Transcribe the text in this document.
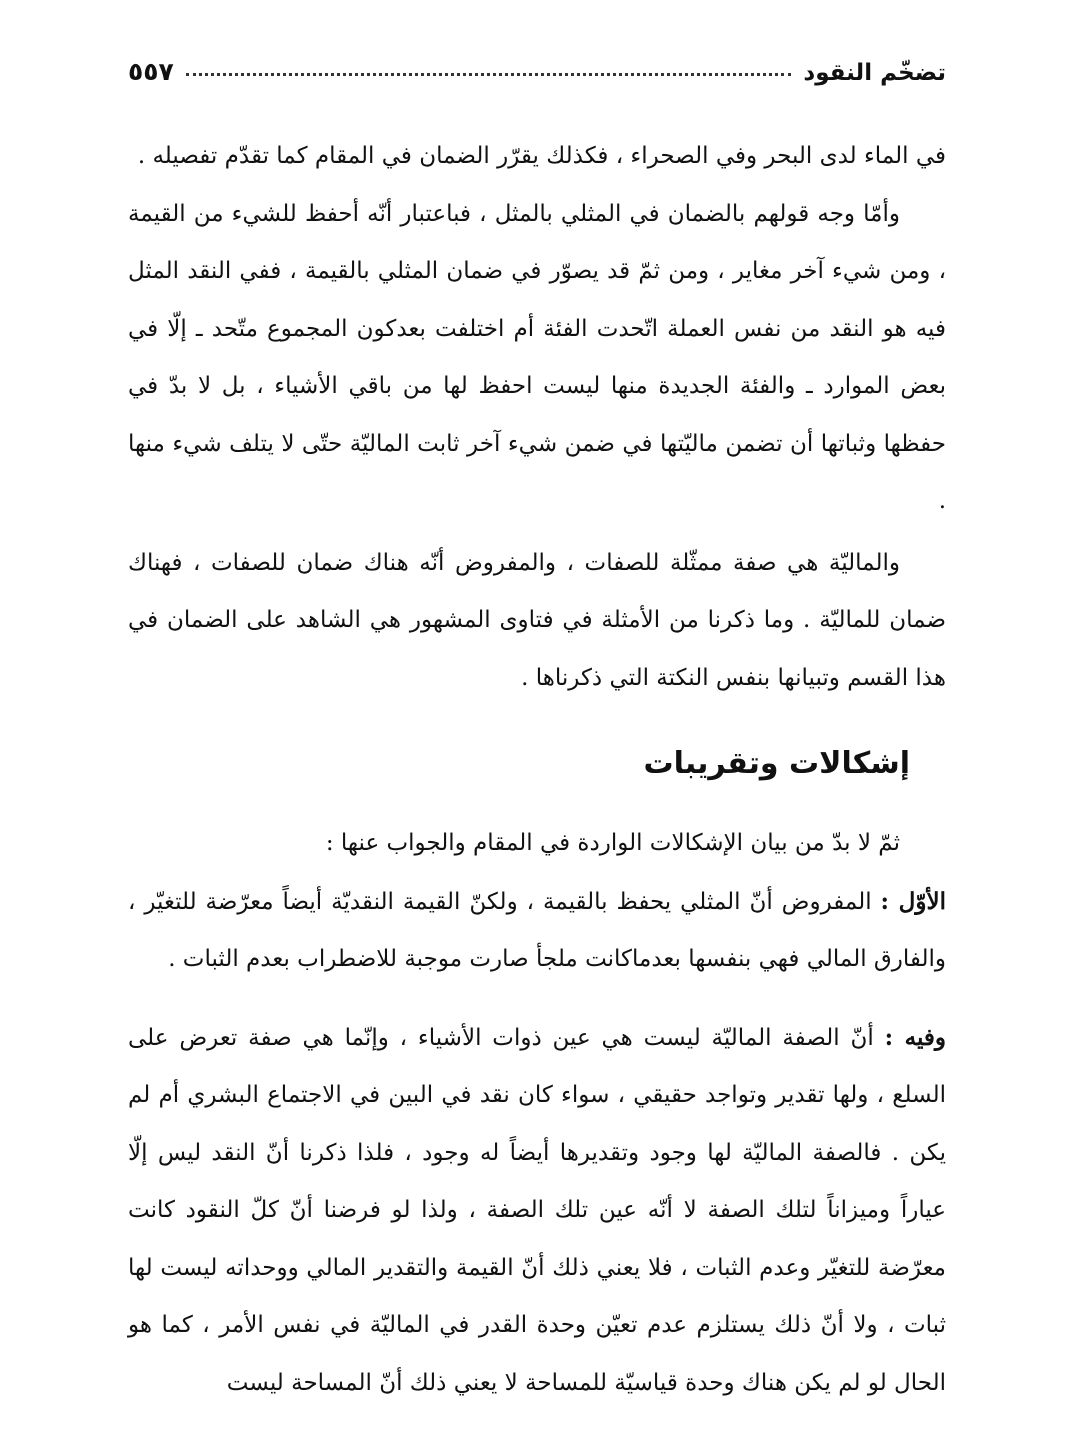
تضخّم النقود
٥٥٧

في الماء لدى البحر وفي الصحراء ، فكذلك يقرّر الضمان في المقام كما تقدّم تفصيله .

وأمّا وجه قولهم بالضمان في المثلي بالمثل ، فباعتبار أنّه أحفظ للشيء من القيمة ، ومن شيء آخر مغاير ، ومن ثمّ قد يصوّر في ضمان المثلي بالقيمة ، ففي النقد المثل فيه هو النقد من نفس العملة اتّحدت الفئة أم اختلفت بعدكون المجموع متّحد ـ إلّا في بعض الموارد ـ والفئة الجديدة منها ليست احفظ لها من باقي الأشياء ، بل لا بدّ في حفظها وثباتها أن تضمن ماليّتها في ضمن شيء آخر ثابت الماليّة حتّى لا يتلف شيء منها .

والماليّة هي صفة ممثّلة للصفات ، والمفروض أنّه هناك ضمان للصفات ، فهناك ضمان للماليّة . وما ذكرنا من الأمثلة في فتاوى المشهور هي الشاهد على الضمان في هذا القسم وتبيانها بنفس النكتة التي ذكرناها .

إشكالات وتقريبات

ثمّ لا بدّ من بيان الإشكالات الواردة في المقام والجواب عنها :

الأوّل : المفروض أنّ المثلي يحفظ بالقيمة ، ولكنّ القيمة النقديّة أيضاً معرّضة للتغيّر ، والفارق المالي فهي بنفسها بعدماكانت ملجأ صارت موجبة للاضطراب بعدم الثبات .

وفيه : أنّ الصفة الماليّة ليست هي عين ذوات الأشياء ، وإنّما هي صفة تعرض على السلع ، ولها تقدير وتواجد حقيقي ، سواء كان نقد في البين في الاجتماع البشري أم لم يكن . فالصفة الماليّة لها وجود وتقديرها أيضاً له وجود ، فلذا ذكرنا أنّ النقد ليس إلّا عياراً وميزاناً لتلك الصفة لا أنّه عين تلك الصفة ، ولذا لو فرضنا أنّ كلّ النقود كانت معرّضة للتغيّر وعدم الثبات ، فلا يعني ذلك أنّ القيمة والتقدير المالي ووحداته ليست لها ثبات ، ولا أنّ ذلك يستلزم عدم تعيّن وحدة القدر في الماليّة في نفس الأمر ، كما هو الحال لو لم يكن هناك وحدة قياسيّة للمساحة لا يعني ذلك أنّ المساحة ليست
